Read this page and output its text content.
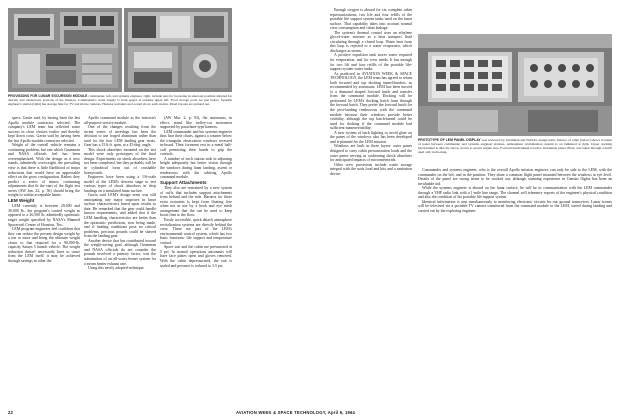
PROVISIONS FOR LUNAR EXCURSION MODULE commander, left, and systems engineer, right, include nets for foresome in stand-up position adopted for descent and rendezvous portions of the mission. Commander's water supply is from spigot at extreme upper left. Food storage ports are just below. Systems engineer's station (right) has storage bins for TV and movie cameras. Harness restraints are located above each station. Panel layouts are pointed out.
PROTOTYPE OF LEM PANEL DISPLAY was reviewed by Grumman and NASA's design team. Interior of cabin (below) shows location of panel between commander and systems engineer stations. Atmosphere revitalization system is on bulkhead at right. Upper docking hatch/tunnel is directly above, access to ascent engine area. Forward hatch/tunnel is below instrument panel. Photo was taken through a hatch used only in mockup.

specs. Gavin said, by having been the last Apollo module contractor selected. The company's LEM team has reflected some success in close choices earlier and thereby kept down costs. Gavin said by having been the last Apollo module contractor selected.

Weight of the overall vehicle remains a continuing problem, but one which Grumman and NASA officials feel has been overemphasized. With the design as it now stands, admittedly overweight, the prevailing view is that there is little likelihood of major reductions that would have an appreciable effect on the gross configuration. Rather, they predict a series of minor, continuing adjustments that fit the start of the flight test series (AW Jan. 22, p. 56) should bring the weight to within acceptable limits.

LEM Weight

LEM currently is between 29,000 and 30,000 lb., the program's control weight as opposed to a 26,500 lb. admittedly optimistic target weight specified by NASA's Manned Spacecraft Center of Houston, Tex.

LEM program engineers feel confident that they can reduce the present design weight by a ton or more and bring the ultimate weight closer to that required for a 90,000-lb. capacity Saturn 5 launch vehicle. The weight reduction doesn't necessarily have to come from the LEM itself; it may be achieved through savings in other the

Apollo command module as the mission's all-purpose service module.

One of the changes resulting from the recent series of meetings has been the decision to use forged aluminum rather than steel for the four LEM landing gear struts. Gear has a 15.6-ft. span, at a 45-deg. angle.

This shock absorbers mounted on the test model were only prototypes of the final design. Experiments on shock absorbers have not been completed, but they probably will be in cylindrical form out of crushable honeycomb.

Engineers have been using a 1/6-scale model of the LEM's descent stage to test various types of shock absorbers in drop landings on a simulated lunar surface.

Gavin said LEM's design team was still anticipating any major surprises in lunar surface characteristics based upon results to date. He remarked that the gear could handle known requirements, and added that if the LEM handling characteristics are better than the optimistic predictions, now being made, and if landing conditions pose no critical problems, precious pounds could be shaved from the landing gear.

Another device that has contributed toward the weight-saving goal, although Grumman and NASA officials do not consider the pounds involved a primary factor, was the substitution of an all-water heater system for a steam heater exhaust rate.

Using this newly adopted technique

(AW Mar. 2, p. 93), the astronauts, in effect, stand like trolley-car motormen supported by parachute-type harness.

LEM commander and his systems engineer thus face their chairs, against a counter below the triangular observation windows recessed in-board. Their forearms rest in a metal half-cuff permitting their hands to grip the controls.

A number of each station aids in adjusting height adequately but better vision through the windows during lunar landing, ascent or rendezvous with the orbiting Apollo command module.

Support Attachments

They also are restrained by a new system of cuffs that includes support attachments from behind and the side. Harness for these extra restraints is kept from floating free when not in use by a hook and eye mesh arrangement that the can be used to keep boots firm to the floor.

Easily accessible, quick detach atmosphere revitalization systems are directly behind the crew. These are part of the LEM's environmental control system, which has two basic functions: life support and temperature control.

Space suit and the cabin are pressurized at 5 psi. In normal operations astronauts will have face plates open and gloves removed. With the cabin depressurized, the suit is sealed and pressure is reduced to 3.5 psi.

Enough oxygen is aboard for six complete cabin repressurizations, two life and four refills of the portable life support system tanks used on the lunar surface. That capability takes into account normal crew consumption and cabin leakage.

The system's thermal control uses an ethylene glycol-water mixture as a heat transport fluid circulating through a closed loop. Waste heat from this loop is rejected to a water evaporator, which discharges as steam.

A positive expulsion tank stores water required for evaporation, and for crew needs. It has enough for two lift and four refills of the portable life-support system water tanks.

As predicted in AVIATION WEEK & SPACE TECHNOLOGY, the LEM team has agreed to retain both forward and top docking tunnel/hatches, as recommended by astronauts. LEM has been moved to a diamond shaped forward hatch and transfer from the command module. Docking will be performed by LEM's docking hatch from through the forward hatch. They prefer the forward hatch for the post-landing rendezvous with the command module because their windows provide better visibility, although the top hatch/tunnel could be used for docking if the command module had sufficient maneuverability.

A new system of back lighting to avoid glare on the panes of the windows also has been developed and is planned for the LEM mission.

Windows are built in three layers: outer panes designed to carry cabin pressurization loads and the outer panes serving as cushioning shock absorbers for anticipated impacts of micrometeorids.

Other crew provisions include waste storage integral with the suits food and kits and a sanitation device.

Commander and systems engineer, who is the overall Apollo mission engineer, can only be side to the LEM, with the commander on the left, and in the position. They share a common flight panel mounted between the windows at eye level. Details of the panel are strong items to be worked out, although stunning experience in Gemini flights has been an invaluable aid.

While the systems engineer is aboard on the lunar surface, he will be in communication with the LEM commander through a VHF radio link with a 1-mile line range. The channel will telemetry reports of the engineer's physical condition and also the condition of his portable life support system.

Identical information is sent simultaneously to monitoring electronic circuits for our ground transceiver. Lunar scenes will be televised via a portable TV camera transferred from the command module to the LEM, stored during landing and carried out by the exploring engineer.

22	AVIATION WEEK & SPACE TECHNOLOGY, April 6, 1964
